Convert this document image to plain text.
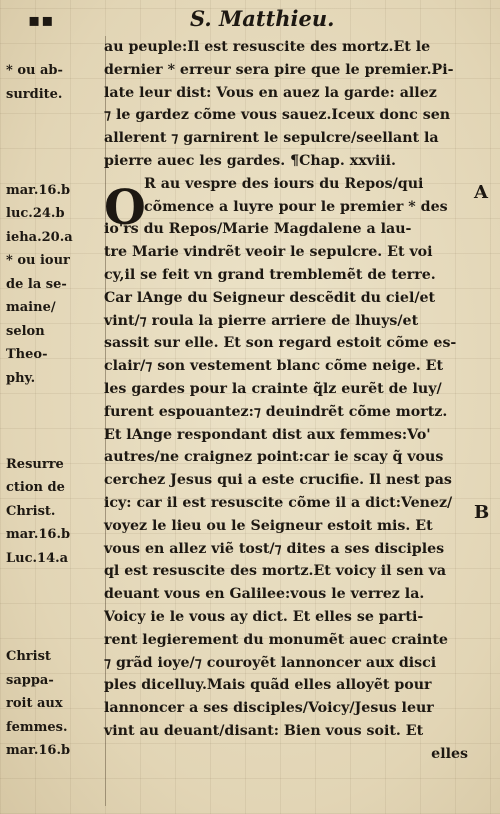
▪▪	S. Matthieu.
* ou ab-
surdite.
mar.16.b
luc.24.b
ieha.20.a
* ou iour
de la se-
maine/
selon
Theo-
phy.
Resurre
ction de
Christ.
mar.16.b
Luc.14.a
Christ
sappa-
roit aux
femmes.
mar.16.b
O
au peuple:Il est resuscite des mortz.Et le
dernier * erreur sera pire que le premier.Pi-
late leur dist: Vous en auez la garde: allez
⁊ le gardez cõme vous sauez.Iceux donc sen
allerent ⁊ garnirent le sepulcre/seellant la
pierre auec les gardes. ¶Chap. xxviii.
R au vespre des iours du Repos/qui
cõmence a luyre pour le premier * des
io'rs du Repos/Marie Magdalene a lau-
tre Marie vindrẽt veoir le sepulcre. Et voi
cy,il se feit vn grand tremblemẽt de terre.
Car lAnge du Seigneur descẽdit du ciel/et
vint/⁊ roula la pierre arriere de lhuys/et
sassit sur elle. Et son regard estoit cõme es-
clair/⁊ son vestement blanc cõme neige. Et
les gardes pour la crainte q̃lz eurẽt de luy/
furent espouantez:⁊ deuindrẽt cõme mortz.
Et lAnge respondant dist aux femmes:Vo'
autres/ne craignez point:car ie scay q̃ vous
cerchez Jesus qui a este crucifie. Il nest pas
icy: car il est resuscite cõme il a dict:Venez/
voyez le lieu ou le Seigneur estoit mis. Et
vous en allez viẽ tost/⁊ dites a ses disciples
ql est resuscite des mortz.Et voicy il sen va
deuant vous en Galilee:vous le verrez la.
Voicy ie le vous ay dict. Et elles se parti-
rent legierement du monumẽt auec crainte
⁊ grãd ioye/⁊ couroyẽt lannoncer aux disci
ples dicelluy.Mais quãd elles alloyẽt pour
lannoncer a ses disciples/Voicy/Jesus leur
vint au deuant/disant: Bien vous soit. Et
elles
A
B
